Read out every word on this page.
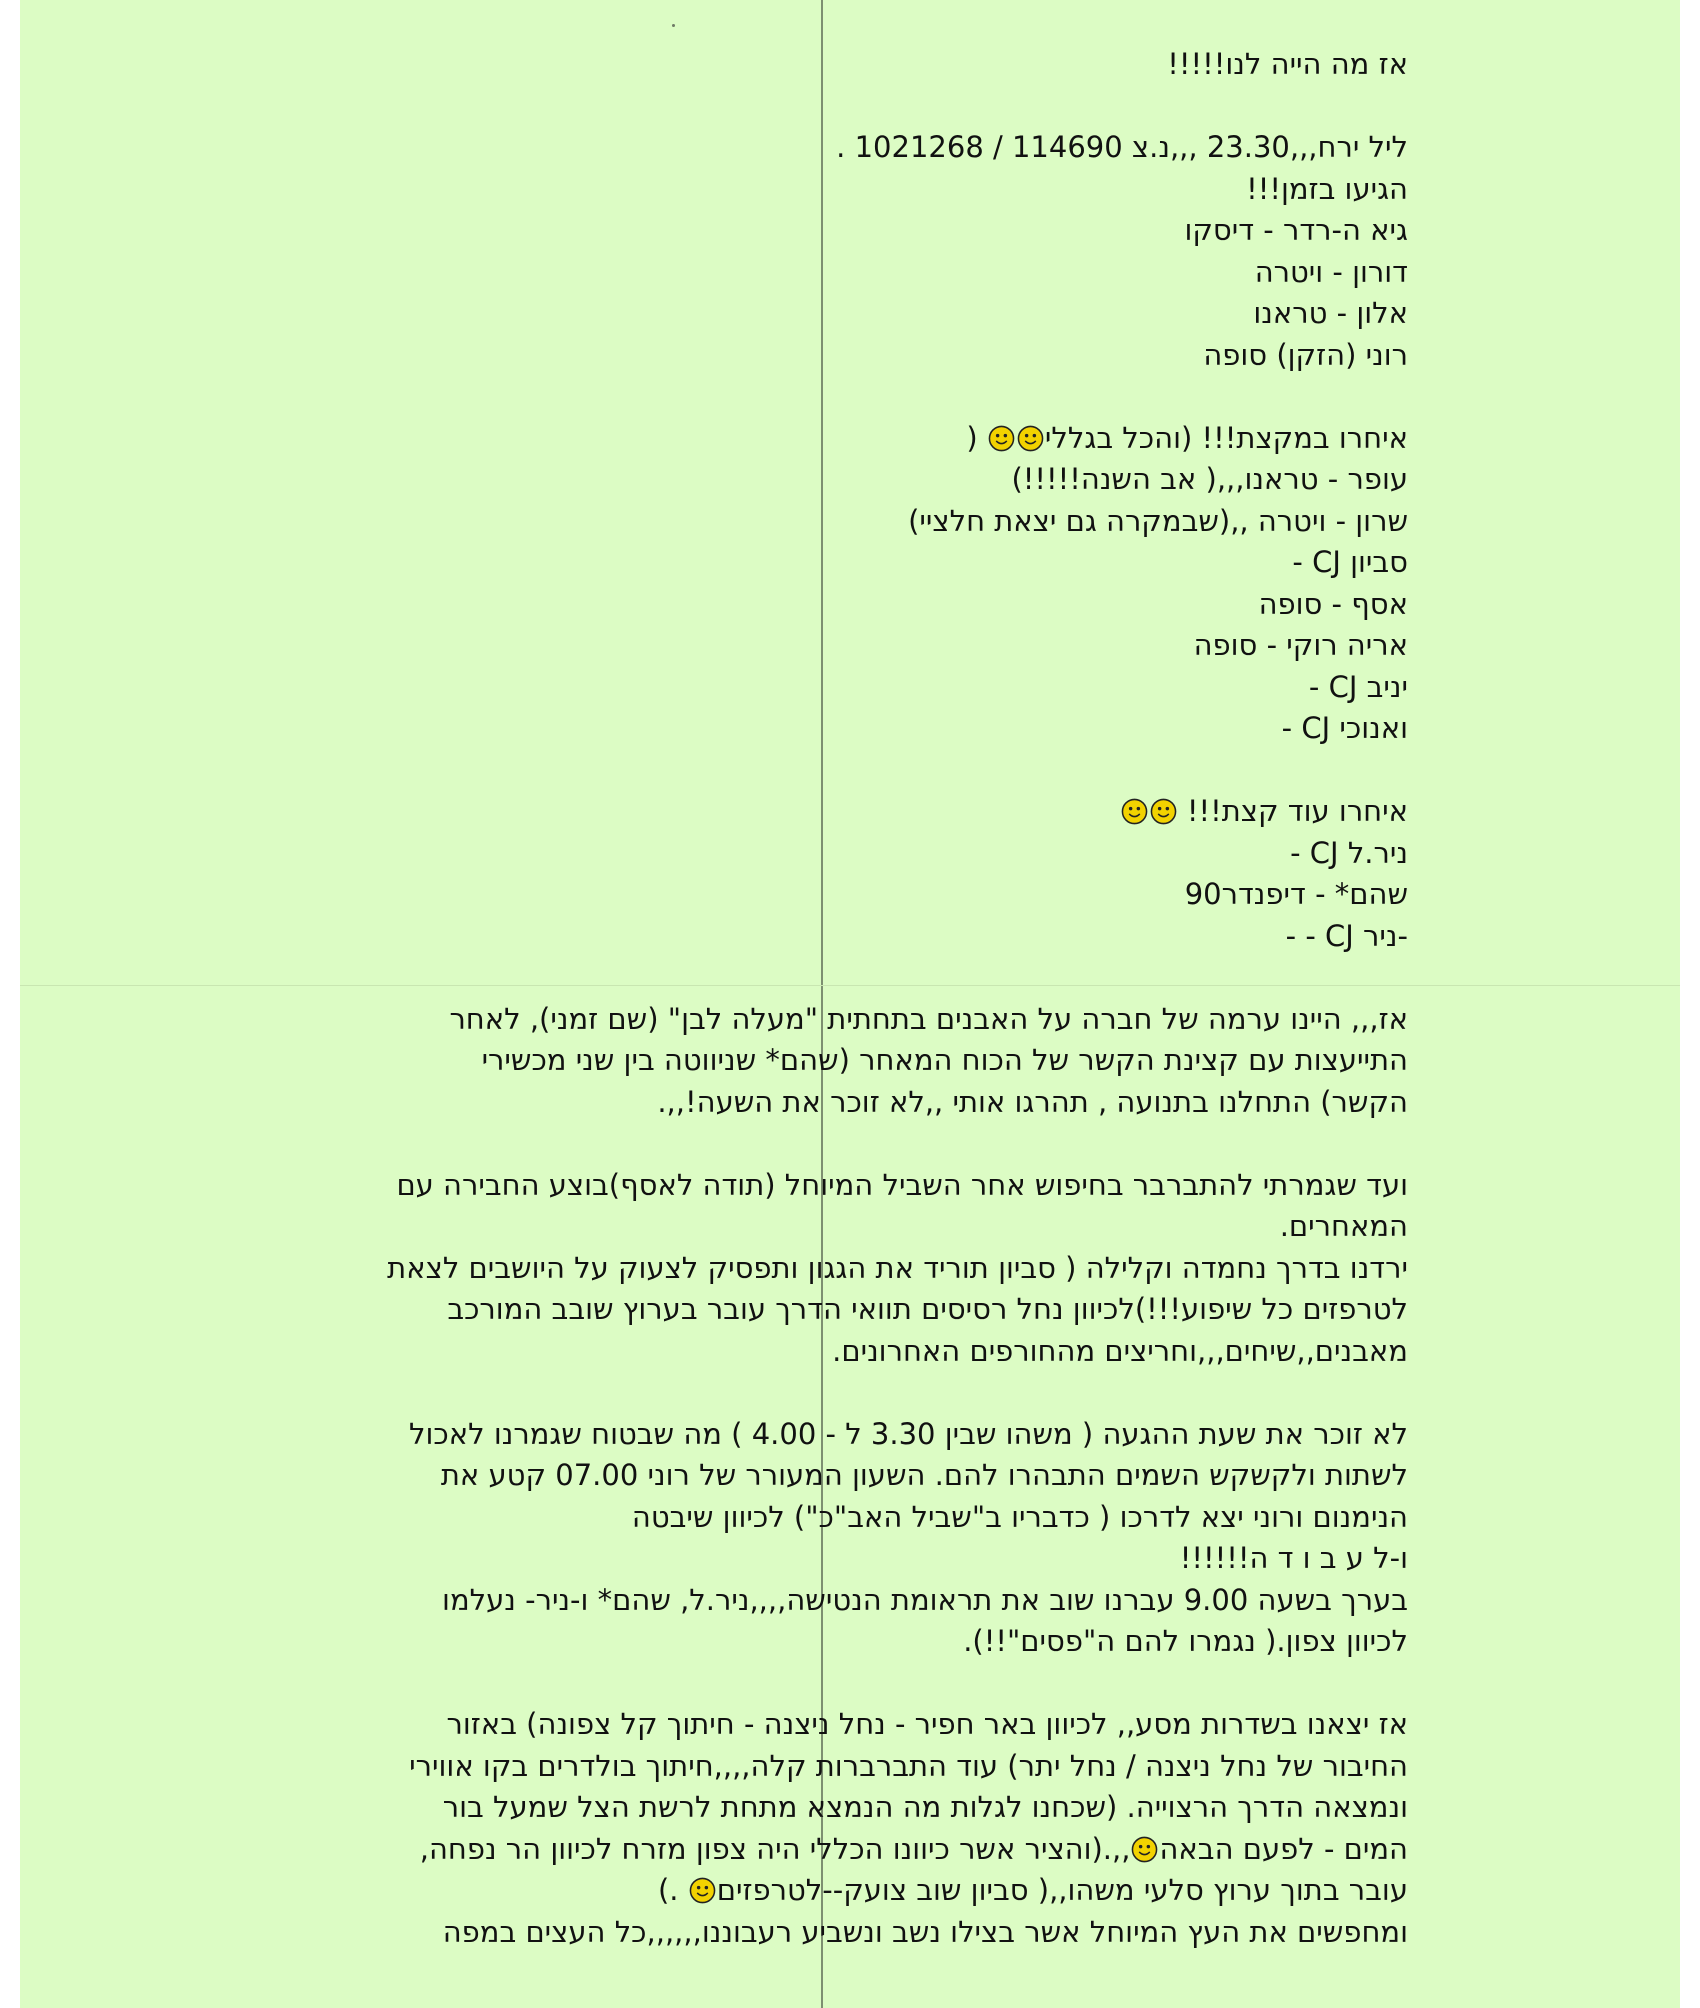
אז מה הייה לנו!!!!!
ליל ירח,,,23.30 ,,,נ.צ 114690 / 1021268 .
הגיעו בזמן!!!
גיא ה-רדר - דיסקו
דורון - ויטרה
אלון - טראנו
רוני (הזקן) סופה
איחרו במקצת!!! (והכל בגללי (
עופר - טראנו,,,( אב השנה!!!!!)
שרון - ויטרה ,,(שבמקרה גם יצאת חלציי)
סביון CJ -
אסף - סופה
אריה רוקי - סופה
יניב CJ -
ואנוכי CJ -
איחרו עוד קצת!!!
ניר.ל CJ -
שהם* - דיפנדר90
-ניר CJ - -
אז,,, היינו ערמה של חברה על האבנים בתחתית "מעלה לבן" (שם זמני), לאחר
התייעצות עם קצינת הקשר של הכוח המאחר (שהם* שניווטה בין שני מכשירי
הקשר) התחלנו בתנועה , תהרגו אותי ,,לא זוכר את השעה!,,.
ועד שגמרתי להתברבר בחיפוש אחר השביל המיוחל (תודה לאסף)בוצע החבירה עם
המאחרים.
ירדנו בדרך נחמדה וקלילה ( סביון תוריד את הגגון ותפסיק לצעוק על היושבים לצאת
לטרפזים כל שיפוע!!!)לכיוון נחל רסיסים תוואי הדרך עובר בערוץ שובב המורכב
מאבנים,,שיחים,,,וחריצים מהחורפים האחרונים.
לא זוכר את שעת ההגעה ( משהו שבין 3.30 ל - 4.00 ) מה שבטוח שגמרנו לאכול
לשתות ולקשקש השמים התבהרו להם. השעון המעורר של רוני 07.00 קטע את
הנימנום ורוני יצא לדרכו ( כדבריו ב"שביל האב"כ") לכיוון שיבטה
ו-ל ע ב ו ד ה!!!!!!
בערך בשעה 9.00 עברנו שוב את תראומת הנטישה,,,,ניר.ל, שהם* ו-ניר- נעלמו
לכיוון צפון.( נגמרו להם ה"פסים"!!).
אז יצאנו בשדרות מסע,, לכיוון באר חפיר - נחל ניצנה - חיתוך קל צפונה) באזור
החיבור של נחל ניצנה / נחל יתר) עוד התברברות קלה,,,,חיתוך בולדרים בקו אווירי
ונמצאה הדרך הרצוייה. (שכחנו לגלות מה הנמצא מתחת לרשת הצל שמעל בור
המים - לפעם הבאה,,.(והציר אשר כיוונו הכללי היה צפון מזרח לכיוון הר נפחה,
עובר בתוך ערוץ סלעי משהו,,( סביון שוב צועק--לטרפזים .)
ומחפשים את העץ המיוחל אשר בצילו נשב ונשביע רעבוננו,,,,,,כל העצים במפה
